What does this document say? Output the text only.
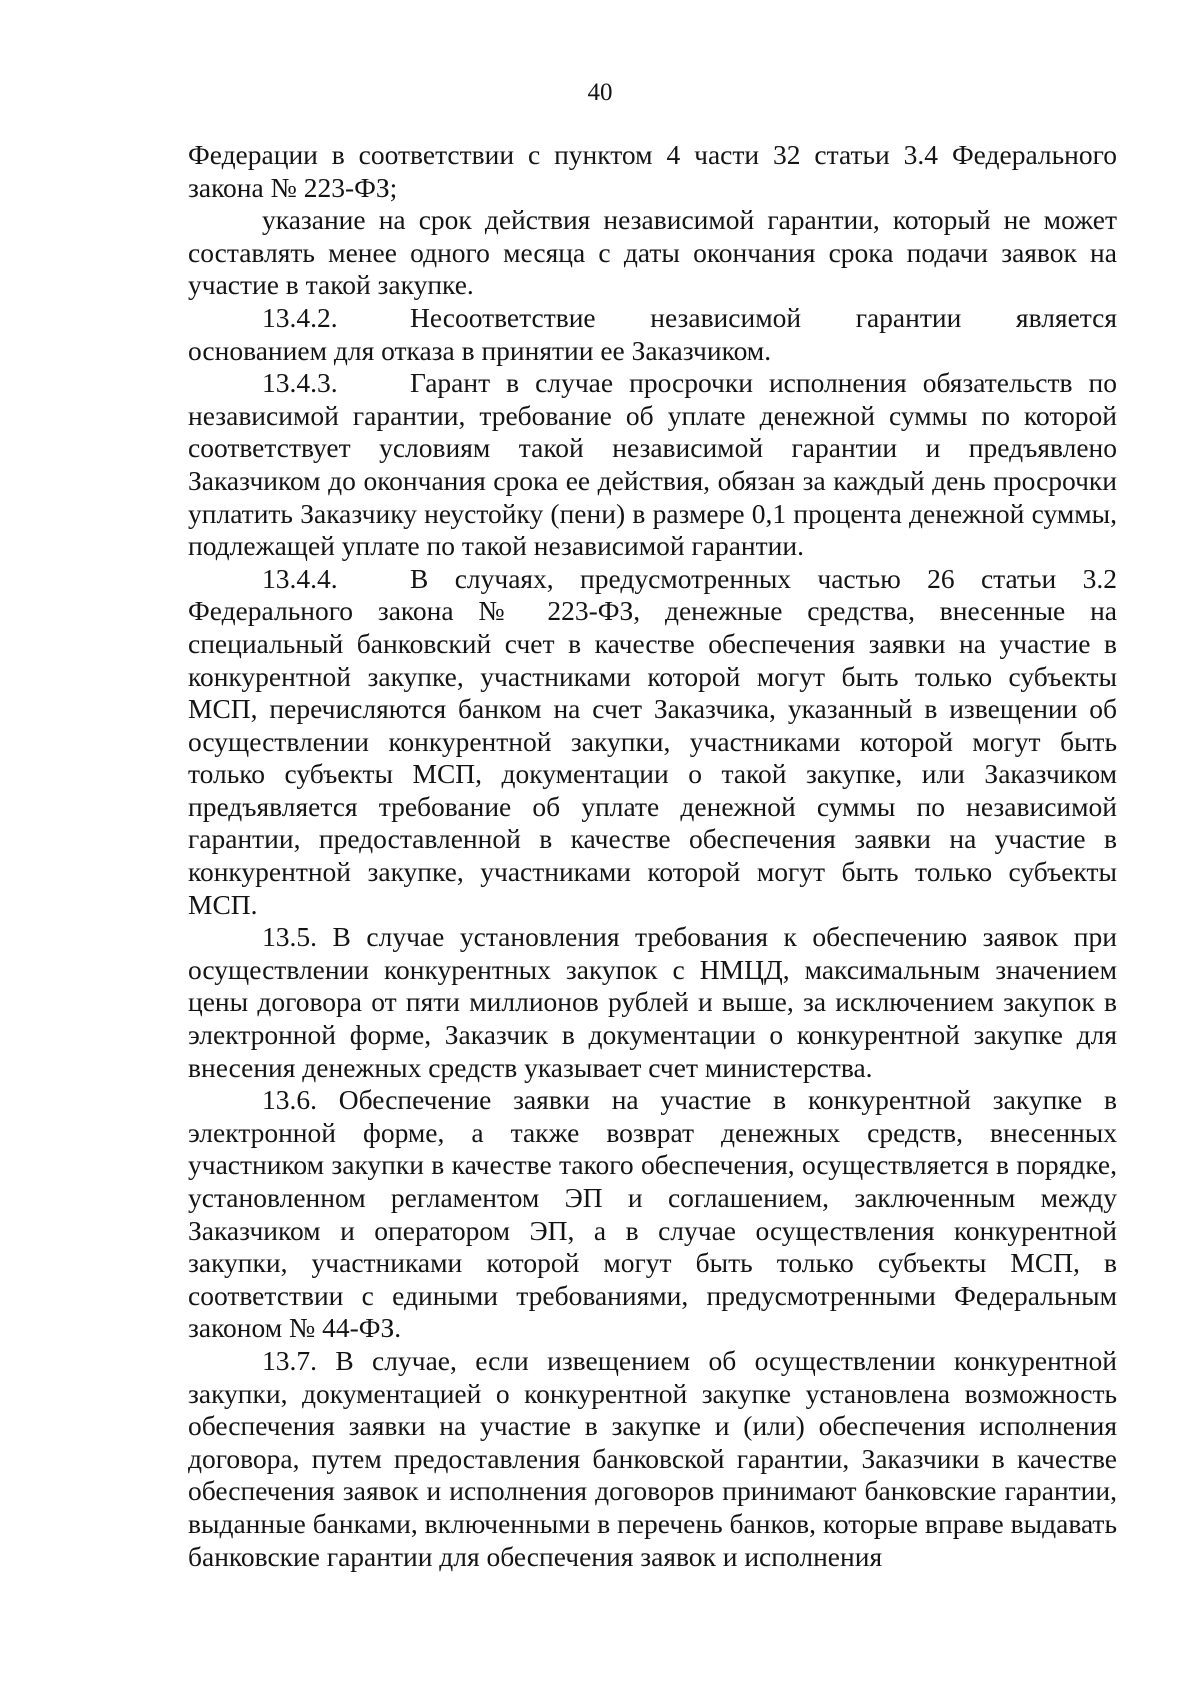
40

Федерации в соответствии с пунктом 4 части 32 статьи 3.4 Федерального закона № 223-ФЗ;

указание на срок действия независимой гарантии, который не может составлять менее одного месяца с даты окончания срока подачи заявок на участие в такой закупке.

13.4.2.	Несоответствие независимой гарантии является основанием для отказа в принятии ее Заказчиком.

13.4.3.	Гарант в случае просрочки исполнения обязательств по независимой гарантии, требование об уплате денежной суммы по которой соответствует условиям такой независимой гарантии и предъявлено Заказчиком до окончания срока ее действия, обязан за каждый день просрочки уплатить Заказчику неустойку (пени) в размере 0,1 процента денежной суммы, подлежащей уплате по такой независимой гарантии.

13.4.4.	В случаях, предусмотренных частью 26 статьи 3.2 Федерального закона № 223-ФЗ, денежные средства, внесенные на специальный банковский счет в качестве обеспечения заявки на участие в конкурентной закупке, участниками которой могут быть только субъекты МСП, перечисляются банком на счет Заказчика, указанный в извещении об осуществлении конкурентной закупки, участниками которой могут быть только субъекты МСП, документации о такой закупке, или Заказчиком предъявляется требование об уплате денежной суммы по независимой гарантии, предоставленной в качестве обеспечения заявки на участие в конкурентной закупке, участниками которой могут быть только субъекты МСП.

13.5. В случае установления требования к обеспечению заявок при осуществлении конкурентных закупок с НМЦД, максимальным значением цены договора от пяти миллионов рублей и выше, за исключением закупок в электронной форме, Заказчик в документации о конкурентной закупке для внесения денежных средств указывает счет министерства.

13.6. Обеспечение заявки на участие в конкурентной закупке в электронной форме, а также возврат денежных средств, внесенных участником закупки в качестве такого обеспечения, осуществляется в порядке, установленном регламентом ЭП и соглашением, заключенным между Заказчиком и оператором ЭП, а в случае осуществления конкурентной закупки, участниками которой могут быть только субъекты МСП, в соответствии с едиными требованиями, предусмотренными Федеральным законом № 44-ФЗ.

13.7. В случае, если извещением об осуществлении конкурентной закупки, документацией о конкурентной закупке установлена возможность обеспечения заявки на участие в закупке и (или) обеспечения исполнения договора, путем предоставления банковской гарантии, Заказчики в качестве обеспечения заявок и исполнения договоров принимают банковские гарантии, выданные банками, включенными в перечень банков, которые вправе выдавать банковские гарантии для обеспечения заявок и исполнения
